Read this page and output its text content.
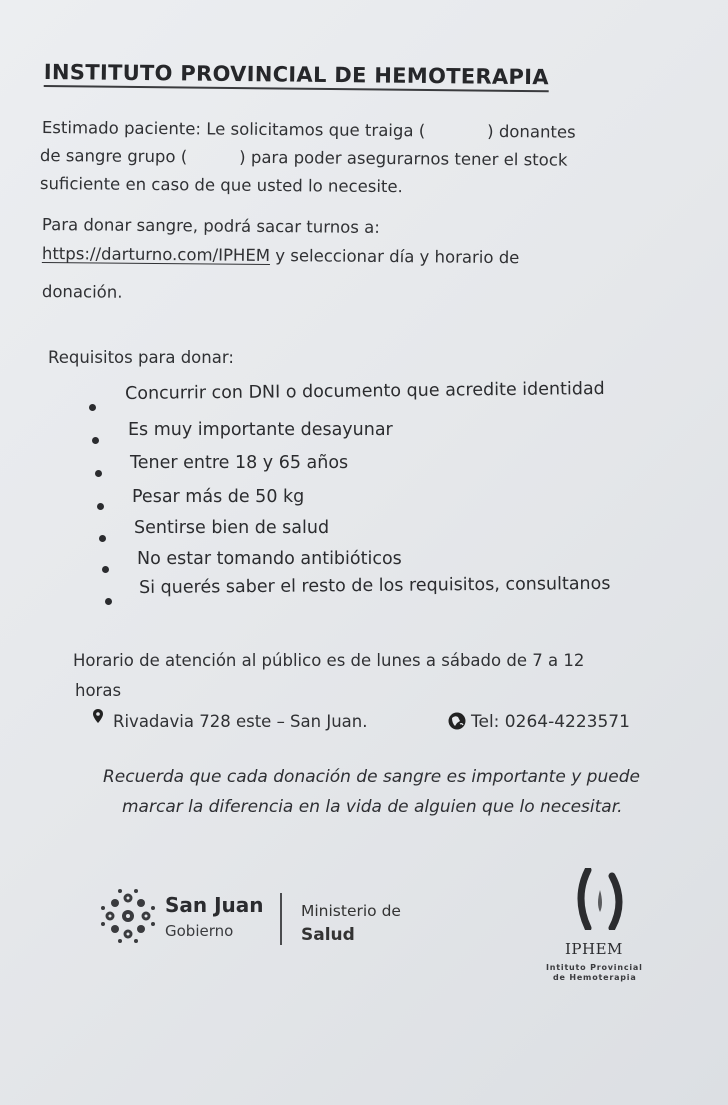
INSTITUTO PROVINCIAL DE HEMOTERAPIA
Estimado paciente: Le solicitamos que traiga (	) donantes
de sangre grupo (	) para poder asegurarnos tener el stock
suficiente en caso de que usted lo necesite.
Para donar sangre, podrá sacar turnos a:
https://darturno.com/IPHEM y seleccionar día y horario de
donación.
Requisitos para donar:
Concurrir con DNI o documento que acredite identidad
Es muy importante desayunar
Tener entre 18 y 65 años
Pesar más de 50 kg
Sentirse bien de salud
No estar tomando antibióticos
Si querés saber el resto de los requisitos, consultanos
Horario de atención al público es de lunes a sábado de 7 a 12
horas
Rivadavia 728 este – San Juan.	Tel: 0264-4223571
Recuerda que cada donación de sangre es importante y puede
marcar la diferencia en la vida de alguien que lo necesitar.
San Juan
Gobierno
Ministerio de
Salud
IPHEM
Intituto Provincial
de Hemoterapia
